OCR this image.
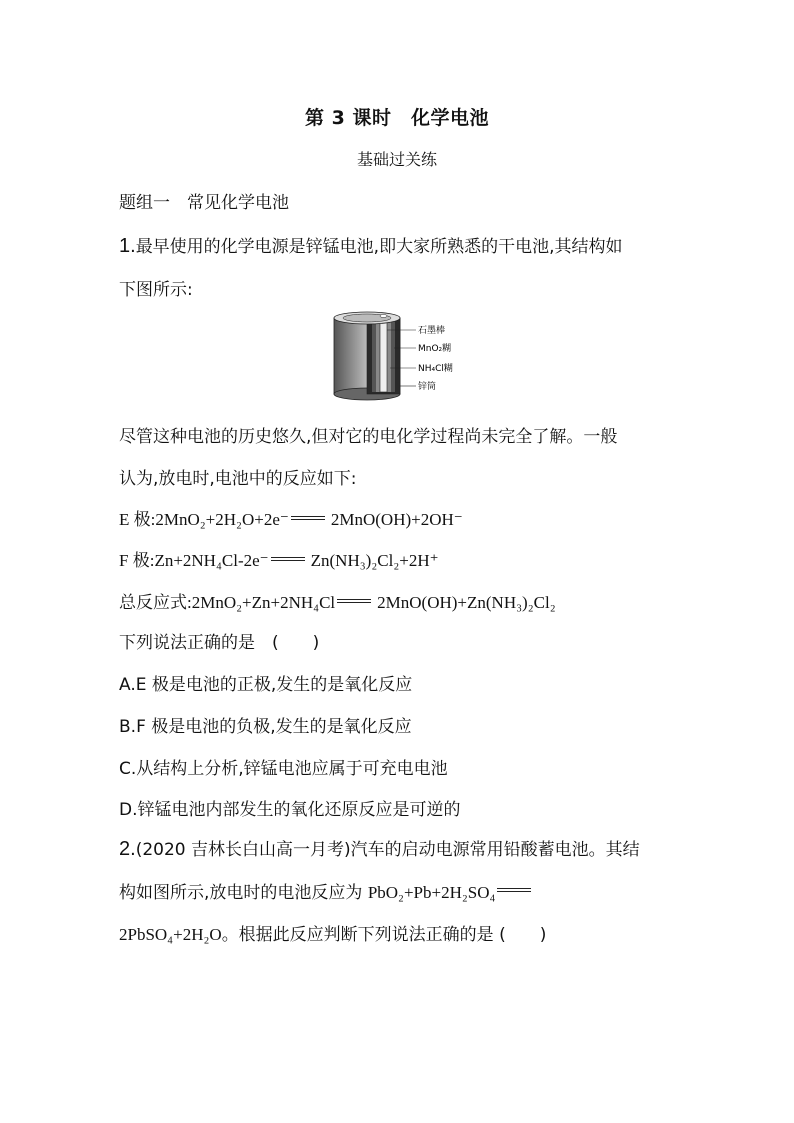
第 3 课时　化学电池
基础过关练
题组一　常见化学电池
1.最早使用的化学电源是锌锰电池,即大家所熟悉的干电池,其结构如
下图所示:
石墨棒
MnO₂糊
NH₄Cl糊
锌筒
尽管这种电池的历史悠久,但对它的电化学过程尚未完全了解。一般
认为,放电时,电池中的反应如下:
E 极:2MnO₂+2H₂O+2e⁻ 2MnO(OH)+2OH⁻
F 极:Zn+2NH₄Cl-2e⁻ Zn(NH₃)₂Cl₂+2H⁺
总反应式:2MnO₂+Zn+2NH₄Cl 2MnO(OH)+Zn(NH₃)₂Cl₂
下列说法正确的是　(　　)
A.E 极是电池的正极,发生的是氧化反应
B.F 极是电池的负极,发生的是氧化反应
C.从结构上分析,锌锰电池应属于可充电电池
D.锌锰电池内部发生的氧化还原反应是可逆的
2.(2020 吉林长白山高一月考)汽车的启动电源常用铅酸蓄电池。其结
构如图所示,放电时的电池反应为 PbO₂+Pb+2H₂SO₄
2PbSO₄+2H₂O。根据此反应判断下列说法正确的是 (　　)
